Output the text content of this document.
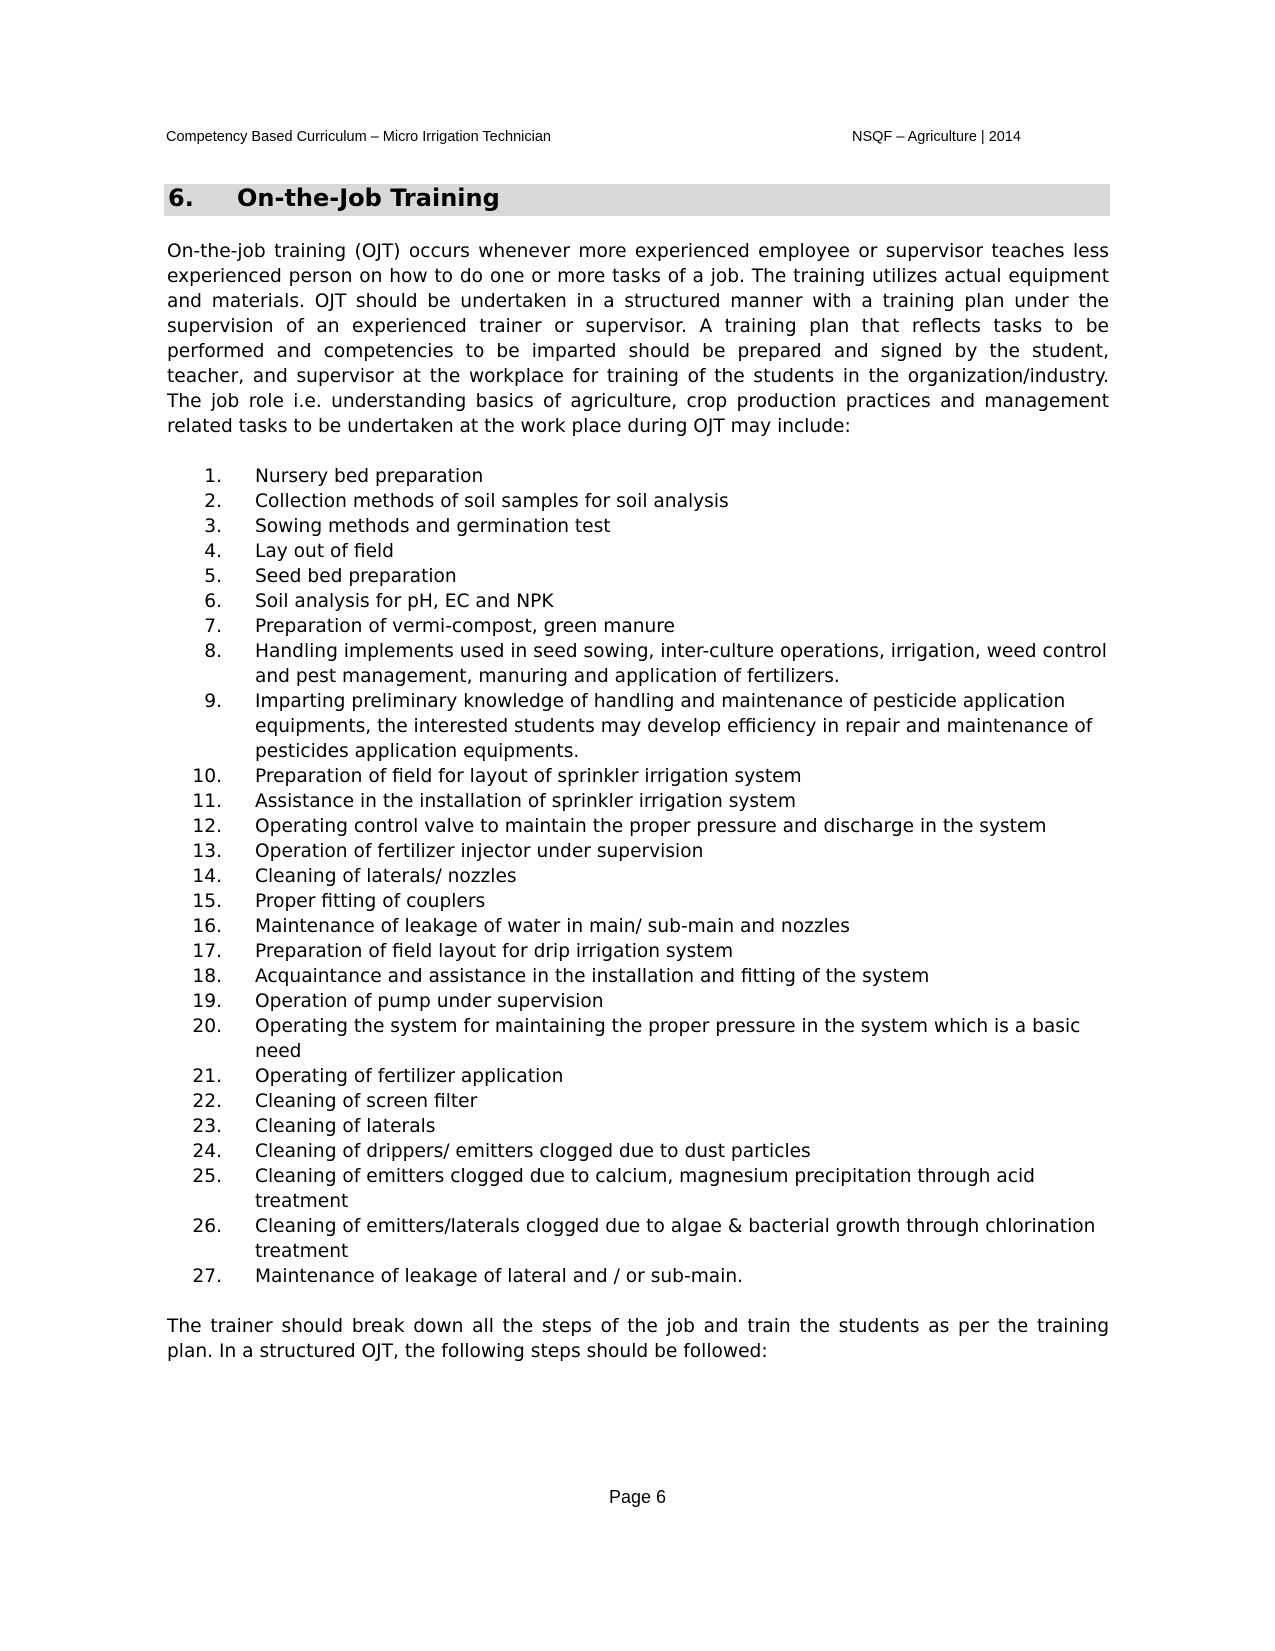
Competency Based Curriculum – Micro Irrigation Technician	NSQF – Agriculture | 2014
6. On-the-Job Training

On-the-job training (OJT) occurs whenever more experienced employee or supervisor teaches less experienced person on how to do one or more tasks of a job. The training utilizes actual equipment and materials. OJT should be undertaken in a structured manner with a training plan under the supervision of an experienced trainer or supervisor. A training plan that reflects tasks to be performed and competencies to be imparted should be prepared and signed by the student, teacher, and supervisor at the workplace for training of the students in the organization/industry. The job role i.e. understanding basics of agriculture, crop production practices and management related tasks to be undertaken at the work place during OJT may include:

1. Nursery bed preparation
2. Collection methods of soil samples for soil analysis
3. Sowing methods and germination test
4. Lay out of field
5. Seed bed preparation
6. Soil analysis for pH, EC and NPK
7. Preparation of vermi-compost, green manure
8. Handling implements used in seed sowing, inter-culture operations, irrigation, weed control and pest management, manuring and application of fertilizers.
9. Imparting preliminary knowledge of handling and maintenance of pesticide application equipments, the interested students may develop efficiency in repair and maintenance of pesticides application equipments.
10. Preparation of field for layout of sprinkler irrigation system
11. Assistance in the installation of sprinkler irrigation system
12. Operating control valve to maintain the proper pressure and discharge in the system
13. Operation of fertilizer injector under supervision
14. Cleaning of laterals/ nozzles
15. Proper fitting of couplers
16. Maintenance of leakage of water in main/ sub-main and nozzles
17. Preparation of field layout for drip irrigation system
18. Acquaintance and assistance in the installation and fitting of the system
19. Operation of pump under supervision
20. Operating the system for maintaining the proper pressure in the system which is a basic need
21. Operating of fertilizer application
22. Cleaning of screen filter
23. Cleaning of laterals
24. Cleaning of drippers/ emitters clogged due to dust particles
25. Cleaning of emitters clogged due to calcium, magnesium precipitation through acid treatment
26. Cleaning of emitters/laterals clogged due to algae & bacterial growth through chlorination treatment
27. Maintenance of leakage of lateral and / or sub-main.

The trainer should break down all the steps of the job and train the students as per the training plan. In a structured OJT, the following steps should be followed:

Page 6
